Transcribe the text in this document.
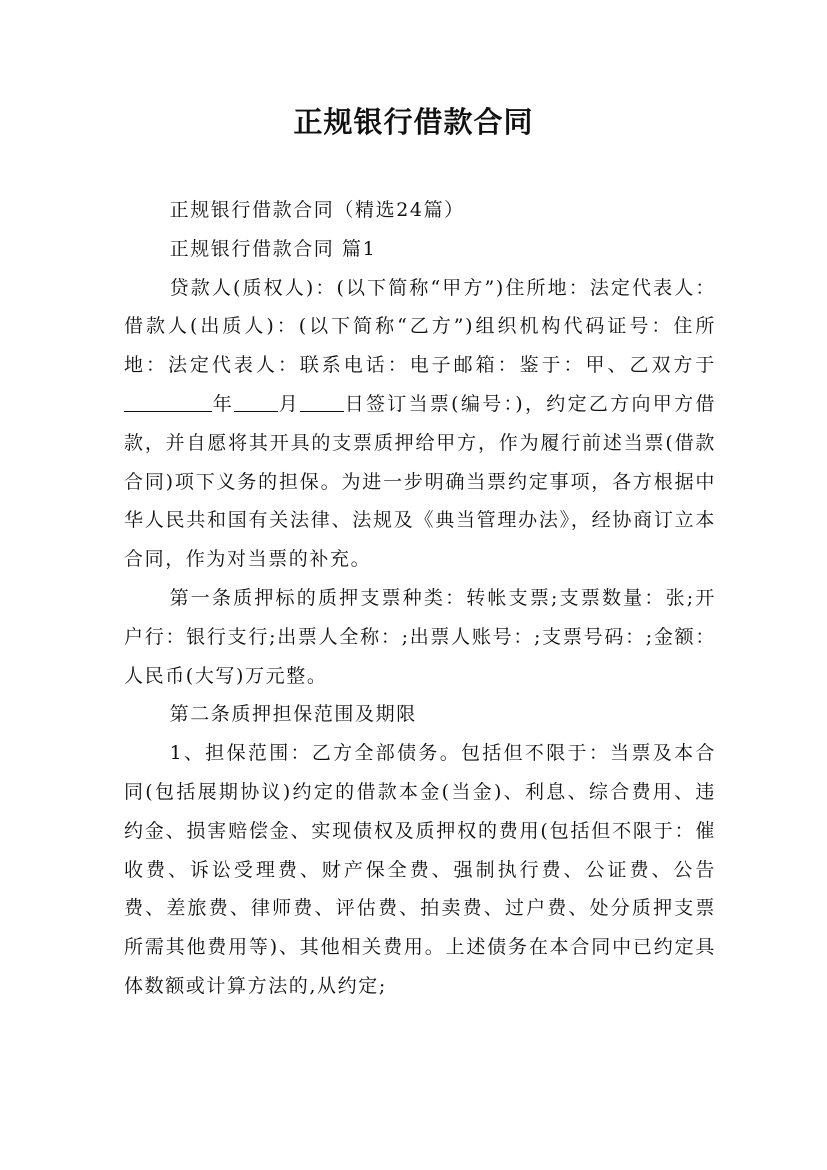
正规银行借款合同

正规银行借款合同（精选24篇）

正规银行借款合同 篇1

贷款人(质权人)：(以下简称“甲方”)住所地：法定代表人：借款人(出质人)：(以下简称“乙方”)组织机构代码证号：住所地：法定代表人：联系电话：电子邮箱：鉴于：甲、乙双方于年 月 日签订当票(编号：)，约定乙方向甲方借款，并自愿将其开具的支票质押给甲方，作为履行前述当票(借款合同)项下义务的担保。为进一步明确当票约定事项，各方根据中华人民共和国有关法律、法规及《典当管理办法》，经协商订立本合同，作为对当票的补充。

第一条质押标的质押支票种类：转帐支票;支票数量：张;开户行：银行支行;出票人全称：;出票人账号：;支票号码：;金额：人民币(大写)万元整。

第二条质押担保范围及期限

1、担保范围：乙方全部债务。包括但不限于：当票及本合同(包括展期协议)约定的借款本金(当金)、利息、综合费用、违约金、损害赔偿金、实现债权及质押权的费用(包括但不限于：催收费、诉讼受理费、财产保全费、强制执行费、公证费、公告费、差旅费、律师费、评估费、拍卖费、过户费、处分质押支票所需其他费用等)、其他相关费用。上述债务在本合同中已约定具体数额或计算方法的,从约定;
